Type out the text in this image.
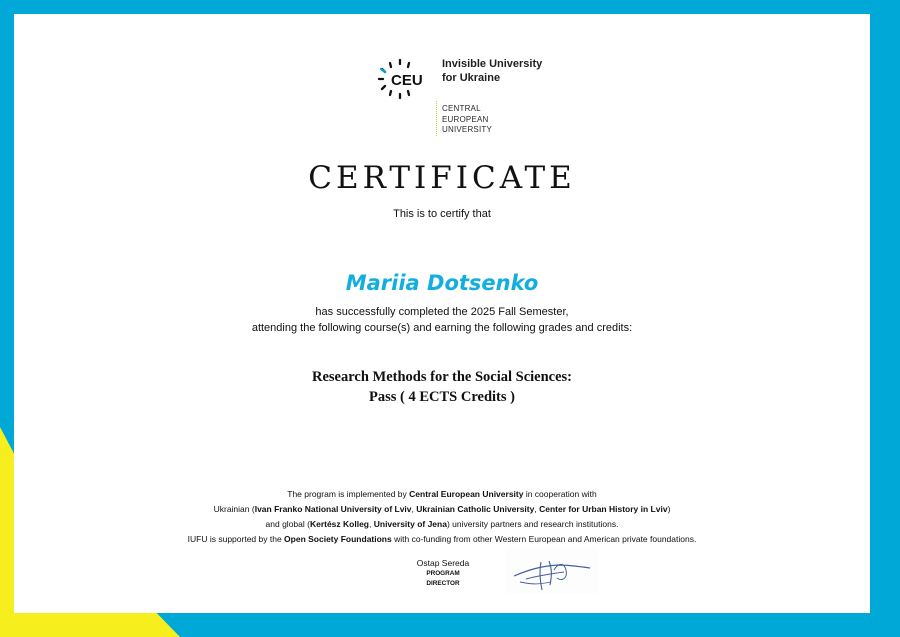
CEU
Invisible University
for Ukraine
CENTRAL
EUROPEAN
UNIVERSITY
CERTIFICATE
This is to certify that
Mariia Dotsenko
has successfully completed the 2025 Fall Semester,
attending the following course(s) and earning the following grades and credits:
Research Methods for the Social Sciences:
Pass ( 4 ECTS Credits )
The program is implemented by Central European University in cooperation with
Ukrainian (Ivan Franko National University of Lviv, Ukrainian Catholic University, Center for Urban History in Lviv)
and global (Kertész Kolleg, University of Jena) university partners and research institutions.
IUFU is supported by the Open Society Foundations with co-funding from other Western European and American private foundations.
Ostap Sereda
PROGRAM DIRECTOR
